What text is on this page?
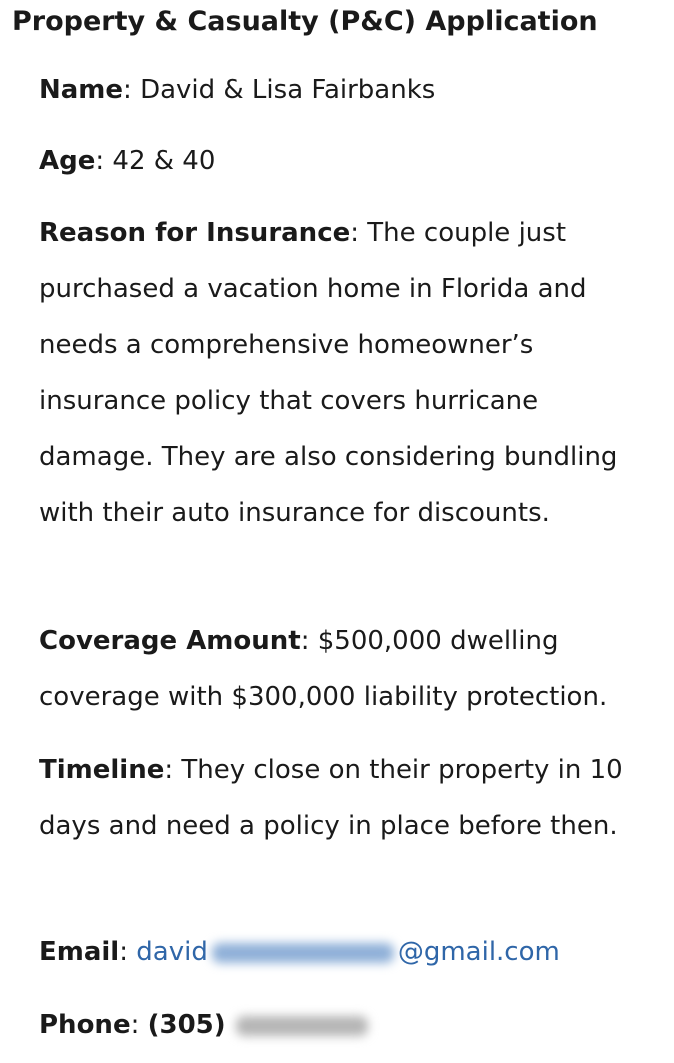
Property & Casualty (P&C) Application

Name: David & Lisa Fairbanks

Age: 42 & 40

Reason for Insurance: The couple just purchased a vacation home in Florida and needs a comprehensive homeowner’s insurance policy that covers hurricane damage. They are also considering bundling with their auto insurance for discounts.

Coverage Amount: $500,000 dwelling coverage with $300,000 liability protection.

Timeline: They close on their property in 10 days and need a policy in place before then.

Email: david	@gmail.com

Phone: (305)
